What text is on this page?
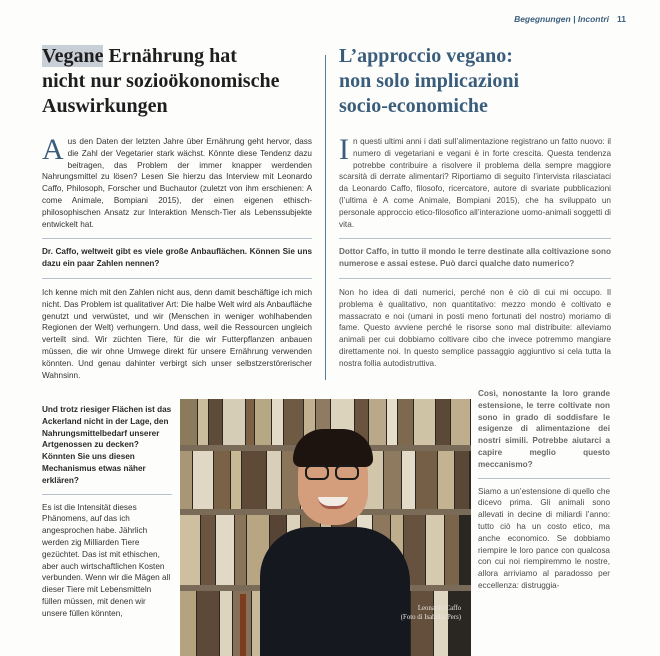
Begegnungen | Incontri 11
Vegane Ernährung hat
nicht nur sozioökonomische
Auswirkungen
L’approccio vegano:
non solo implicazioni
socio-economiche

Aus den Daten der letzten Jahre über Ernährung geht hervor, dass die Zahl der Vegetarier stark wächst. Könnte diese Tendenz dazu beitragen, das Problem der immer knapper werdenden Nahrungsmittel zu lösen? Lesen Sie hierzu das Interview mit Leonardo Caffo, Philosoph, Forscher und Buchautor (zuletzt von ihm erschienen: A come Animale, Bompiani 2015), der einen eigenen ethisch-philosophischen Ansatz zur Interaktion Mensch-Tier als Lebenssubjekte entwickelt hat.

Dr. Caffo, weltweit gibt es viele große Anbauflächen. Können Sie uns dazu ein paar Zahlen nennen?

Ich kenne mich mit den Zahlen nicht aus, denn damit beschäftige ich mich nicht. Das Problem ist qualitativer Art: Die halbe Welt wird als Anbaufläche genutzt und verwüstet, und wir (Menschen in weniger wohlhabenden Regionen der Welt) verhungern. Und dass, weil die Ressourcen ungleich verteilt sind. Wir züchten Tiere, für die wir Futterpflanzen anbauen müssen, die wir ohne Umwege direkt für unsere Ernährung verwenden könnten. Und genau dahinter verbirgt sich unser selbstzerstörerischer Wahnsinn.

In questi ultimi anni i dati sull’alimentazione registrano un fatto nuovo: il numero di vegetariani e vegani è in forte crescita. Questa tendenza potrebbe contribuire a risolvere il problema della sempre maggiore scarsità di derrate alimentari? Riportiamo di seguito l’intervista rilasciataci da Leonardo Caffo, filosofo, ricercatore, autore di svariate pubblicazioni (l’ultima è A come Animale, Bompiani 2015), che ha sviluppato un personale approccio etico-filosofico all’interazione uomo-animali soggetti di vita.

Dottor Caffo, in tutto il mondo le terre destinate alla coltivazione sono numerose e assai estese. Può darci qualche dato numerico?

Non ho idea di dati numerici, perché non è ciò di cui mi occupo. Il problema è qualitativo, non quantitativo: mezzo mondo è coltivato e massacrato e noi (umani in posti meno fortunati del nostro) moriamo di fame. Questo avviene perché le risorse sono mal distribuite: alleviamo animali per cui dobbiamo coltivare cibo che invece potremmo mangiare direttamente noi. In questo semplice passaggio aggiuntivo si cela tutta la nostra follia autodistruttiva.

Und trotz riesiger Flächen ist das Ackerland nicht in der Lage, den Nahrungsmittelbedarf unserer Artgenossen zu decken? Könnten Sie uns diesen Mechanismus etwas näher erklären?

Es ist die Intensität dieses Phänomens, auf das ich angesprochen habe. Jährlich werden zig Milliarden Tiere gezüchtet. Das ist mit ethischen, aber auch wirtschaftlichen Kosten verbunden. Wenn wir die Mägen all dieser Tiere mit Lebensmitteln füllen müssen, mit denen wir unsere füllen könnten,

Leonardo Caffo
(Foto di Isabella Pers)

Così, nonostante la loro grande estensione, le terre coltivate non sono in grado di soddisfare le esigenze di alimentazione dei nostri simili. Potrebbe aiutarci a capire meglio questo meccanismo?

Siamo a un’estensione di quello che dicevo prima. Gli animali sono allevati in decine di miliardi l’anno: tutto ciò ha un costo etico, ma anche economico. Se dobbiamo riempire le loro pance con qualcosa con cui noi riempiremmo le nostre, allora arriviamo al paradosso per eccellenza: distruggia-
